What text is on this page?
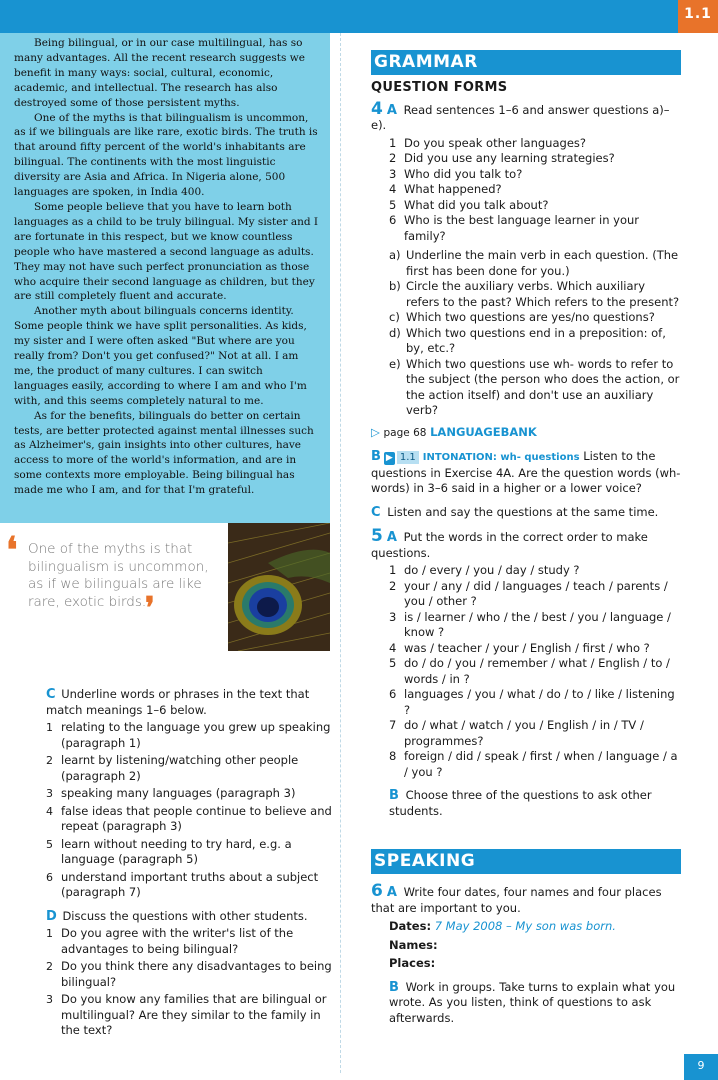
1.1

Being bilingual, or in our case multilingual, has so many advantages. All the recent research suggests we benefit in many ways: social, cultural, economic, academic, and intellectual. The research has also destroyed some of those persistent myths.

One of the myths is that bilingualism is uncommon, as if we bilinguals are like rare, exotic birds. The truth is that around fifty percent of the world's inhabitants are bilingual. The continents with the most linguistic diversity are Asia and Africa. In Nigeria alone, 500 languages are spoken, in India 400.

Some people believe that you have to learn both languages as a child to be truly bilingual. My sister and I are fortunate in this respect, but we know countless people who have mastered a second language as adults. They may not have such perfect pronunciation as those who acquire their second language as children, but they are still completely fluent and accurate.

Another myth about bilinguals concerns identity. Some people think we have split personalities. As kids, my sister and I were often asked "But where are you really from? Don't you get confused?" Not at all. I am me, the product of many cultures. I can switch languages easily, according to where I am and who I'm with, and this seems completely natural to me.

As for the benefits, bilinguals do better on certain tests, are better protected against mental illnesses such as Alzheimer's, gain insights into other cultures, have access to more of the world's information, and are in some contexts more employable. Being bilingual has made me who I am, and for that I'm grateful.

❛ One of the myths is that bilingualism is uncommon, as if we bilinguals are like rare, exotic birds.
❜
C Underline words or phrases in the text that match meanings 1–6 below.
1 relating to the language you grew up speaking (paragraph 1)
2 learnt by listening/watching other people (paragraph 2)
3 speaking many languages (paragraph 3)
4 false ideas that people continue to believe and repeat (paragraph 3)
5 learn without needing to try hard, e.g. a language (paragraph 5)
6 understand important truths about a subject (paragraph 7)
D Discuss the questions with other students.
1 Do you agree with the writer's list of the advantages to being bilingual?
2 Do you think there any disadvantages to being bilingual?
3 Do you know any families that are bilingual or multilingual? Are they similar to the family in the text?
GRAMMAR
QUESTION FORMS
4 A Read sentences 1–6 and answer questions a)–e).
1 Do you speak other languages?
2 Did you use any learning strategies?
3 Who did you talk to?
4 What happened?
5 What did you talk about?
6 Who is the best language learner in your family?
a) Underline the main verb in each question. (The first has been done for you.)
b) Circle the auxiliary verbs. Which auxiliary refers to the past? Which refers to the present?
c) Which two questions are yes/no questions?
d) Which two questions end in a preposition: of, by, etc.?
e) Which two questions use wh- words to refer to the subject (the person who does the action, or the action itself) and don't use an auxiliary verb?
▷ page 68 LANGUAGEBANK
B ▶ 1.1 INTONATION: wh- questions Listen to the questions in Exercise 4A. Are the question words (wh- words) in 3–6 said in a higher or a lower voice?
C Listen and say the questions at the same time.
5 A Put the words in the correct order to make questions.
1 do / every / you / day / study ?
2 your / any / did / languages / teach / parents / you / other ?
3 is / learner / who / the / best / you / language / know ?
4 was / teacher / your / English / first / who ?
5 do / do / you / remember / what / English / to / words / in ?
6 languages / you / what / do / to / like / listening ?
7 do / what / watch / you / English / in / TV / programmes?
8 foreign / did / speak / first / when / language / a / you ?
B Choose three of the questions to ask other students.
SPEAKING
6 A Write four dates, four names and four places that are important to you.
Dates: 7 May 2008 – My son was born.
Names:
Places:
B Work in groups. Take turns to explain what you wrote. As you listen, think of questions to ask afterwards.
9
